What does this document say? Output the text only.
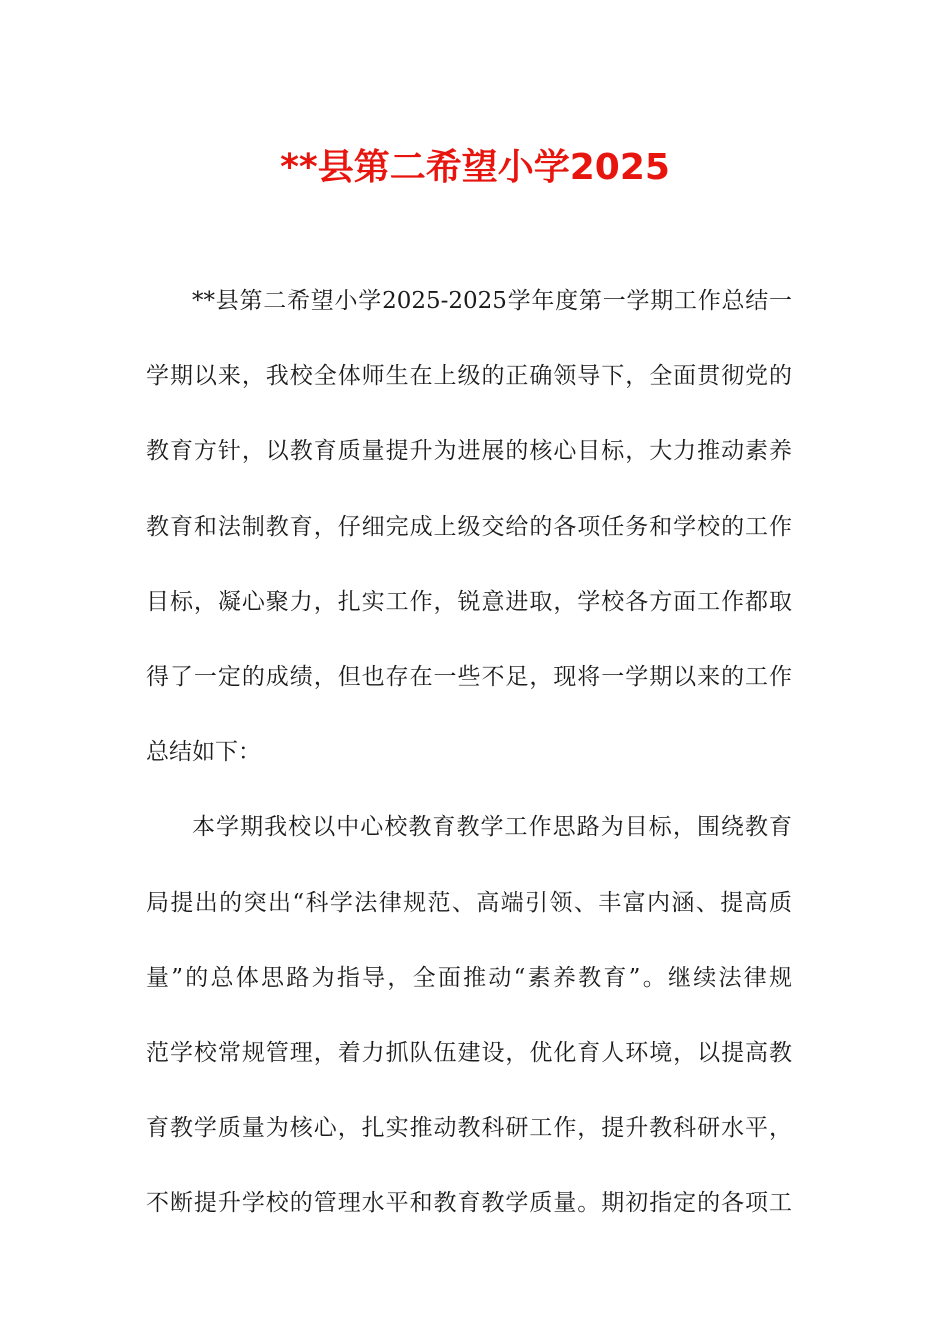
**县第二希望小学2025
**县第二希望小学2025-2025学年度第一学期工作总结一
学期以来，我校全体师生在上级的正确领导下，全面贯彻党的
教育方针，以教育质量提升为进展的核心目标，大力推动素养
教育和法制教育，仔细完成上级交给的各项任务和学校的工作
目标，凝心聚力，扎实工作，锐意进取，学校各方面工作都取
得了一定的成绩，但也存在一些不足，现将一学期以来的工作
总结如下：
本学期我校以中心校教育教学工作思路为目标，围绕教育
局提出的突出“科学法律规范、高端引领、丰富内涵、提高质
量”的总体思路为指导，全面推动“素养教育”。继续法律规
范学校常规管理，着力抓队伍建设，优化育人环境，以提高教
育教学质量为核心，扎实推动教科研工作，提升教科研水平，
不断提升学校的管理水平和教育教学质量。期初指定的各项工
